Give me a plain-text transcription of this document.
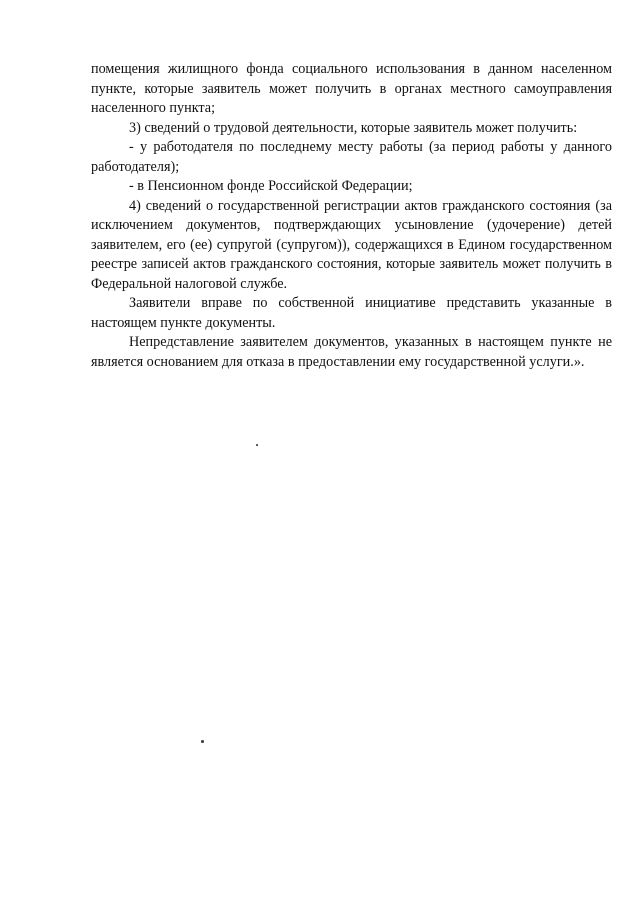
помещения жилищного фонда социального использования в данном населенном пункте, которые заявитель может получить в органах местного самоуправления населенного пункта;

3) сведений о трудовой деятельности, которые заявитель может получить:

- у работодателя по последнему месту работы (за период работы у данного работодателя);

- в Пенсионном фонде Российской Федерации;

4) сведений о государственной регистрации актов гражданского состояния (за исключением документов, подтверждающих усыновление (удочерение) детей заявителем, его (ее) супругой (супругом)), содержащихся в Едином государственном реестре записей актов гражданского состояния, которые заявитель может получить в Федеральной налоговой службе.

Заявители вправе по собственной инициативе представить указанные в настоящем пункте документы.

Непредставление заявителем документов, указанных в настоящем пункте не является основанием для отказа в предоставлении ему государственной услуги.».
